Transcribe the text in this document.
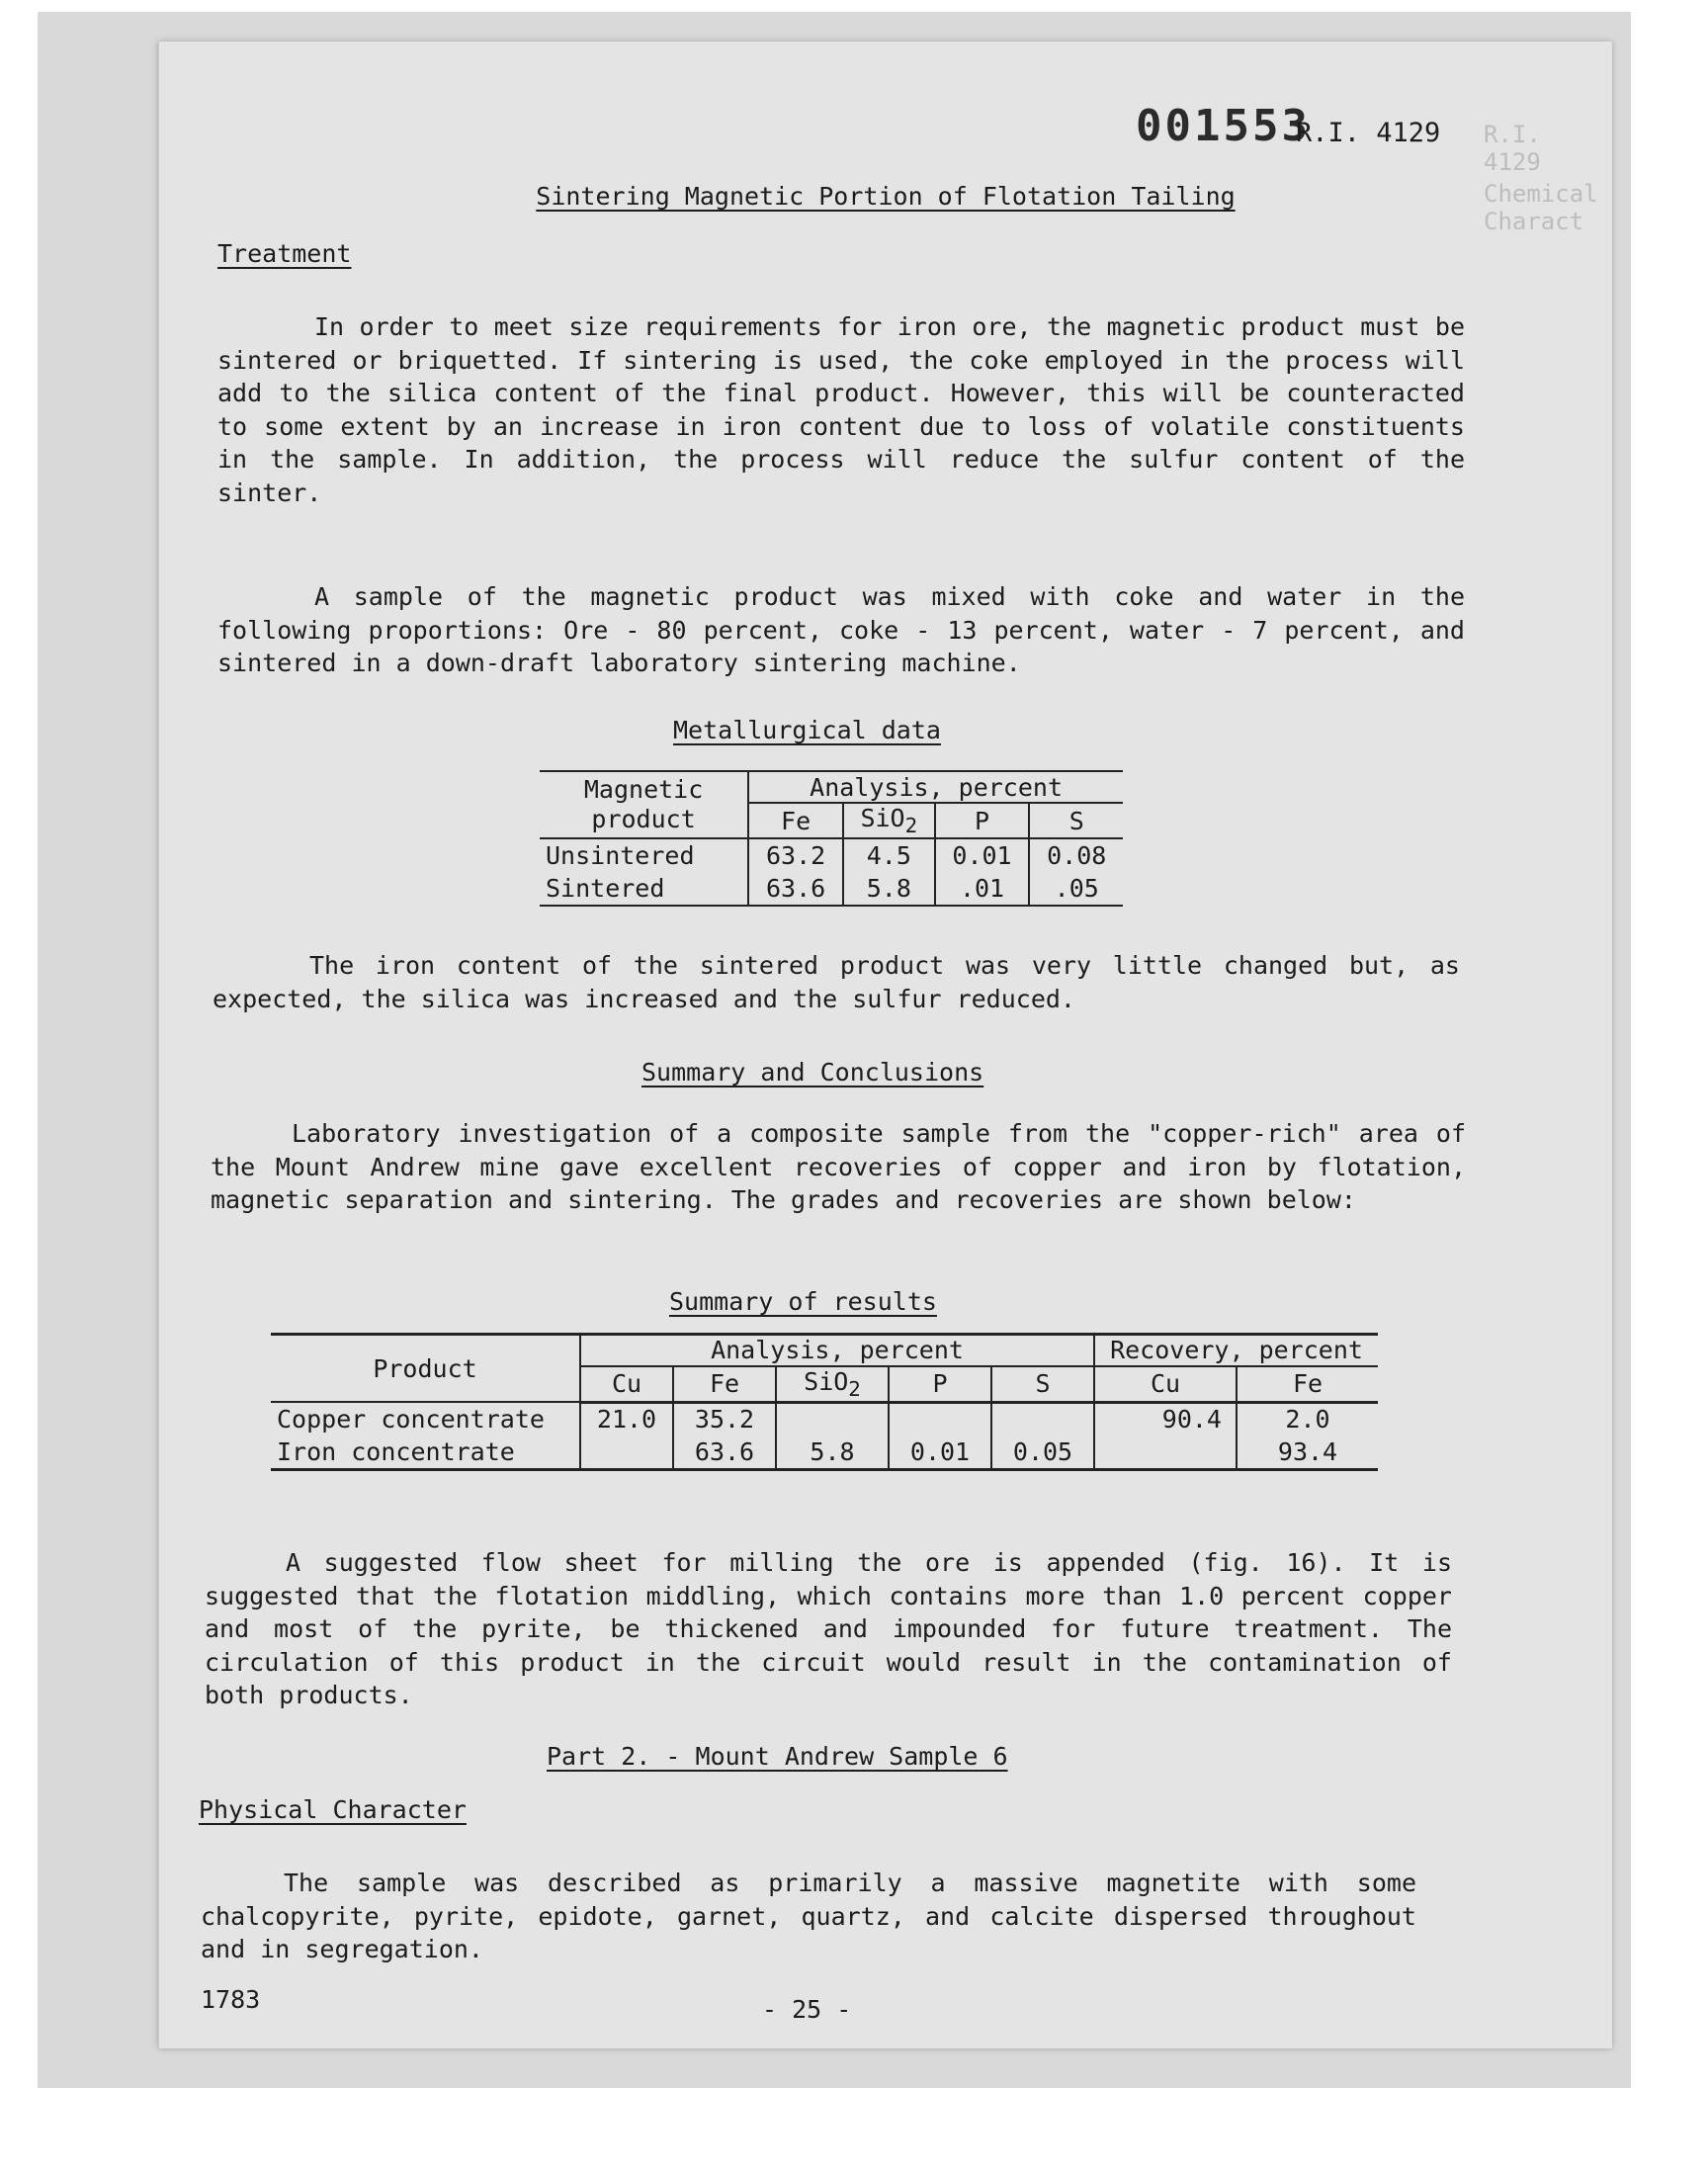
R.I. 4129
Chemical Charact
001553
R.I. 4129
Sintering Magnetic Portion of Flotation Tailing
Treatment
In order to meet size requirements for iron ore, the magnetic product must be sintered or briquetted. If sintering is used, the coke employed in the process will add to the silica content of the final product. However, this will be counteracted to some extent by an increase in iron content due to loss of volatile constituents in the sample. In addition, the process will reduce the sulfur content of the sinter.
A sample of the magnetic product was mixed with coke and water in the following proportions: Ore - 80 percent, coke - 13 percent, water - 7 percent, and sintered in a down-draft laboratory sintering machine.
Metallurgical data
Magnetic
product	Analysis, percent			
	Fe	SiO$_2$	P	S
Unsintered	63.2	4.5	0.01	0.08
Sintered	63.6	5.8	.01	.05
The iron content of the sintered product was very little changed but, as expected, the silica was increased and the sulfur reduced.
Summary and Conclusions
Laboratory investigation of a composite sample from the "copper-rich" area of the Mount Andrew mine gave excellent recoveries of copper and iron by flotation, magnetic separation and sintering. The grades and recoveries are shown below:
Summary of results
Product	Analysis, percent					Recovery, percent	
	Cu	Fe	SiO$_2$	P	S	Cu	Fe
Copper concentrate	21.0	35.2				90.4	2.0
Iron concentrate		63.6	5.8	0.01	0.05		93.4
A suggested flow sheet for milling the ore is appended (fig. 16). It is suggested that the flotation middling, which contains more than 1.0 percent copper and most of the pyrite, be thickened and impounded for future treatment. The circulation of this product in the circuit would result in the contamination of both products.
Part 2. - Mount Andrew Sample 6
Physical Character
The sample was described as primarily a massive magnetite with some chalcopyrite, pyrite, epidote, garnet, quartz, and calcite dispersed throughout and in segregation.
1783	- 25 -
